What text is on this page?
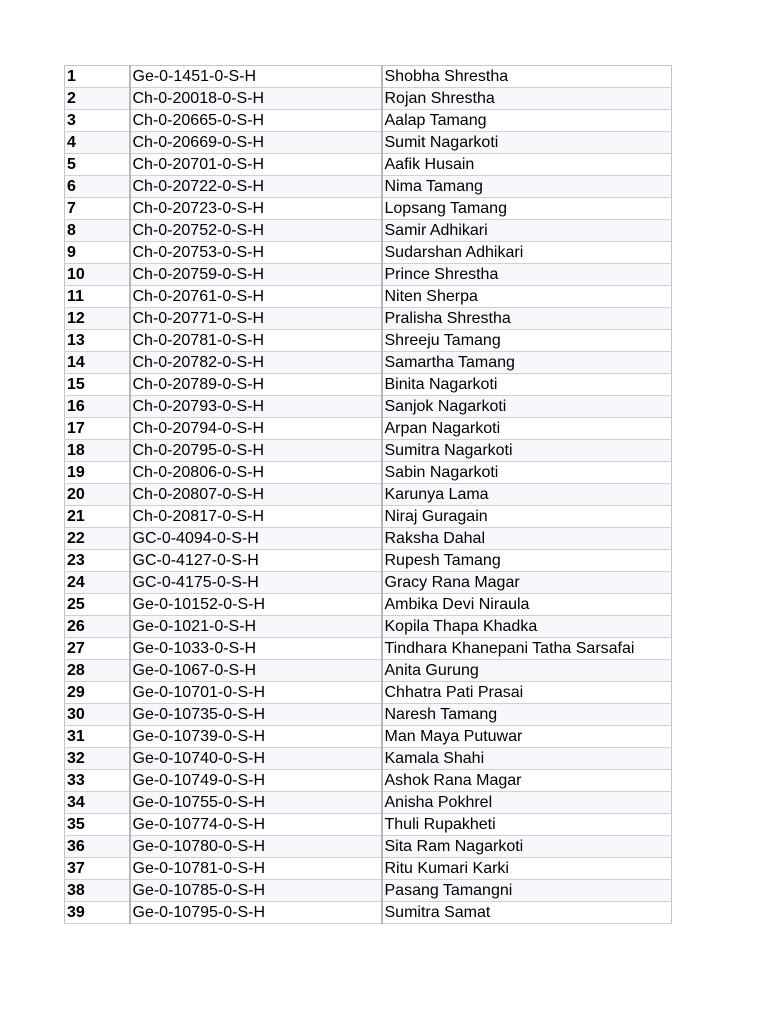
1	Ge-0-1451-0-S-H	Shobha Shrestha
2	Ch-0-20018-0-S-H	Rojan Shrestha
3	Ch-0-20665-0-S-H	Aalap Tamang
4	Ch-0-20669-0-S-H	Sumit Nagarkoti
5	Ch-0-20701-0-S-H	Aafik Husain
6	Ch-0-20722-0-S-H	Nima Tamang
7	Ch-0-20723-0-S-H	Lopsang Tamang
8	Ch-0-20752-0-S-H	Samir Adhikari
9	Ch-0-20753-0-S-H	Sudarshan Adhikari
10	Ch-0-20759-0-S-H	Prince Shrestha
11	Ch-0-20761-0-S-H	Niten Sherpa
12	Ch-0-20771-0-S-H	Pralisha Shrestha
13	Ch-0-20781-0-S-H	Shreeju Tamang
14	Ch-0-20782-0-S-H	Samartha Tamang
15	Ch-0-20789-0-S-H	Binita Nagarkoti
16	Ch-0-20793-0-S-H	Sanjok Nagarkoti
17	Ch-0-20794-0-S-H	Arpan Nagarkoti
18	Ch-0-20795-0-S-H	Sumitra Nagarkoti
19	Ch-0-20806-0-S-H	Sabin Nagarkoti
20	Ch-0-20807-0-S-H	Karunya Lama
21	Ch-0-20817-0-S-H	Niraj Guragain
22	GC-0-4094-0-S-H	Raksha Dahal
23	GC-0-4127-0-S-H	Rupesh Tamang
24	GC-0-4175-0-S-H	Gracy Rana Magar
25	Ge-0-10152-0-S-H	Ambika Devi Niraula
26	Ge-0-1021-0-S-H	Kopila Thapa Khadka
27	Ge-0-1033-0-S-H	Tindhara Khanepani Tatha Sarsafai
28	Ge-0-1067-0-S-H	Anita Gurung
29	Ge-0-10701-0-S-H	Chhatra Pati Prasai
30	Ge-0-10735-0-S-H	Naresh Tamang
31	Ge-0-10739-0-S-H	Man Maya Putuwar
32	Ge-0-10740-0-S-H	Kamala Shahi
33	Ge-0-10749-0-S-H	Ashok Rana Magar
34	Ge-0-10755-0-S-H	Anisha Pokhrel
35	Ge-0-10774-0-S-H	Thuli Rupakheti
36	Ge-0-10780-0-S-H	Sita Ram Nagarkoti
37	Ge-0-10781-0-S-H	Ritu Kumari Karki
38	Ge-0-10785-0-S-H	Pasang Tamangni
39	Ge-0-10795-0-S-H	Sumitra Samat
